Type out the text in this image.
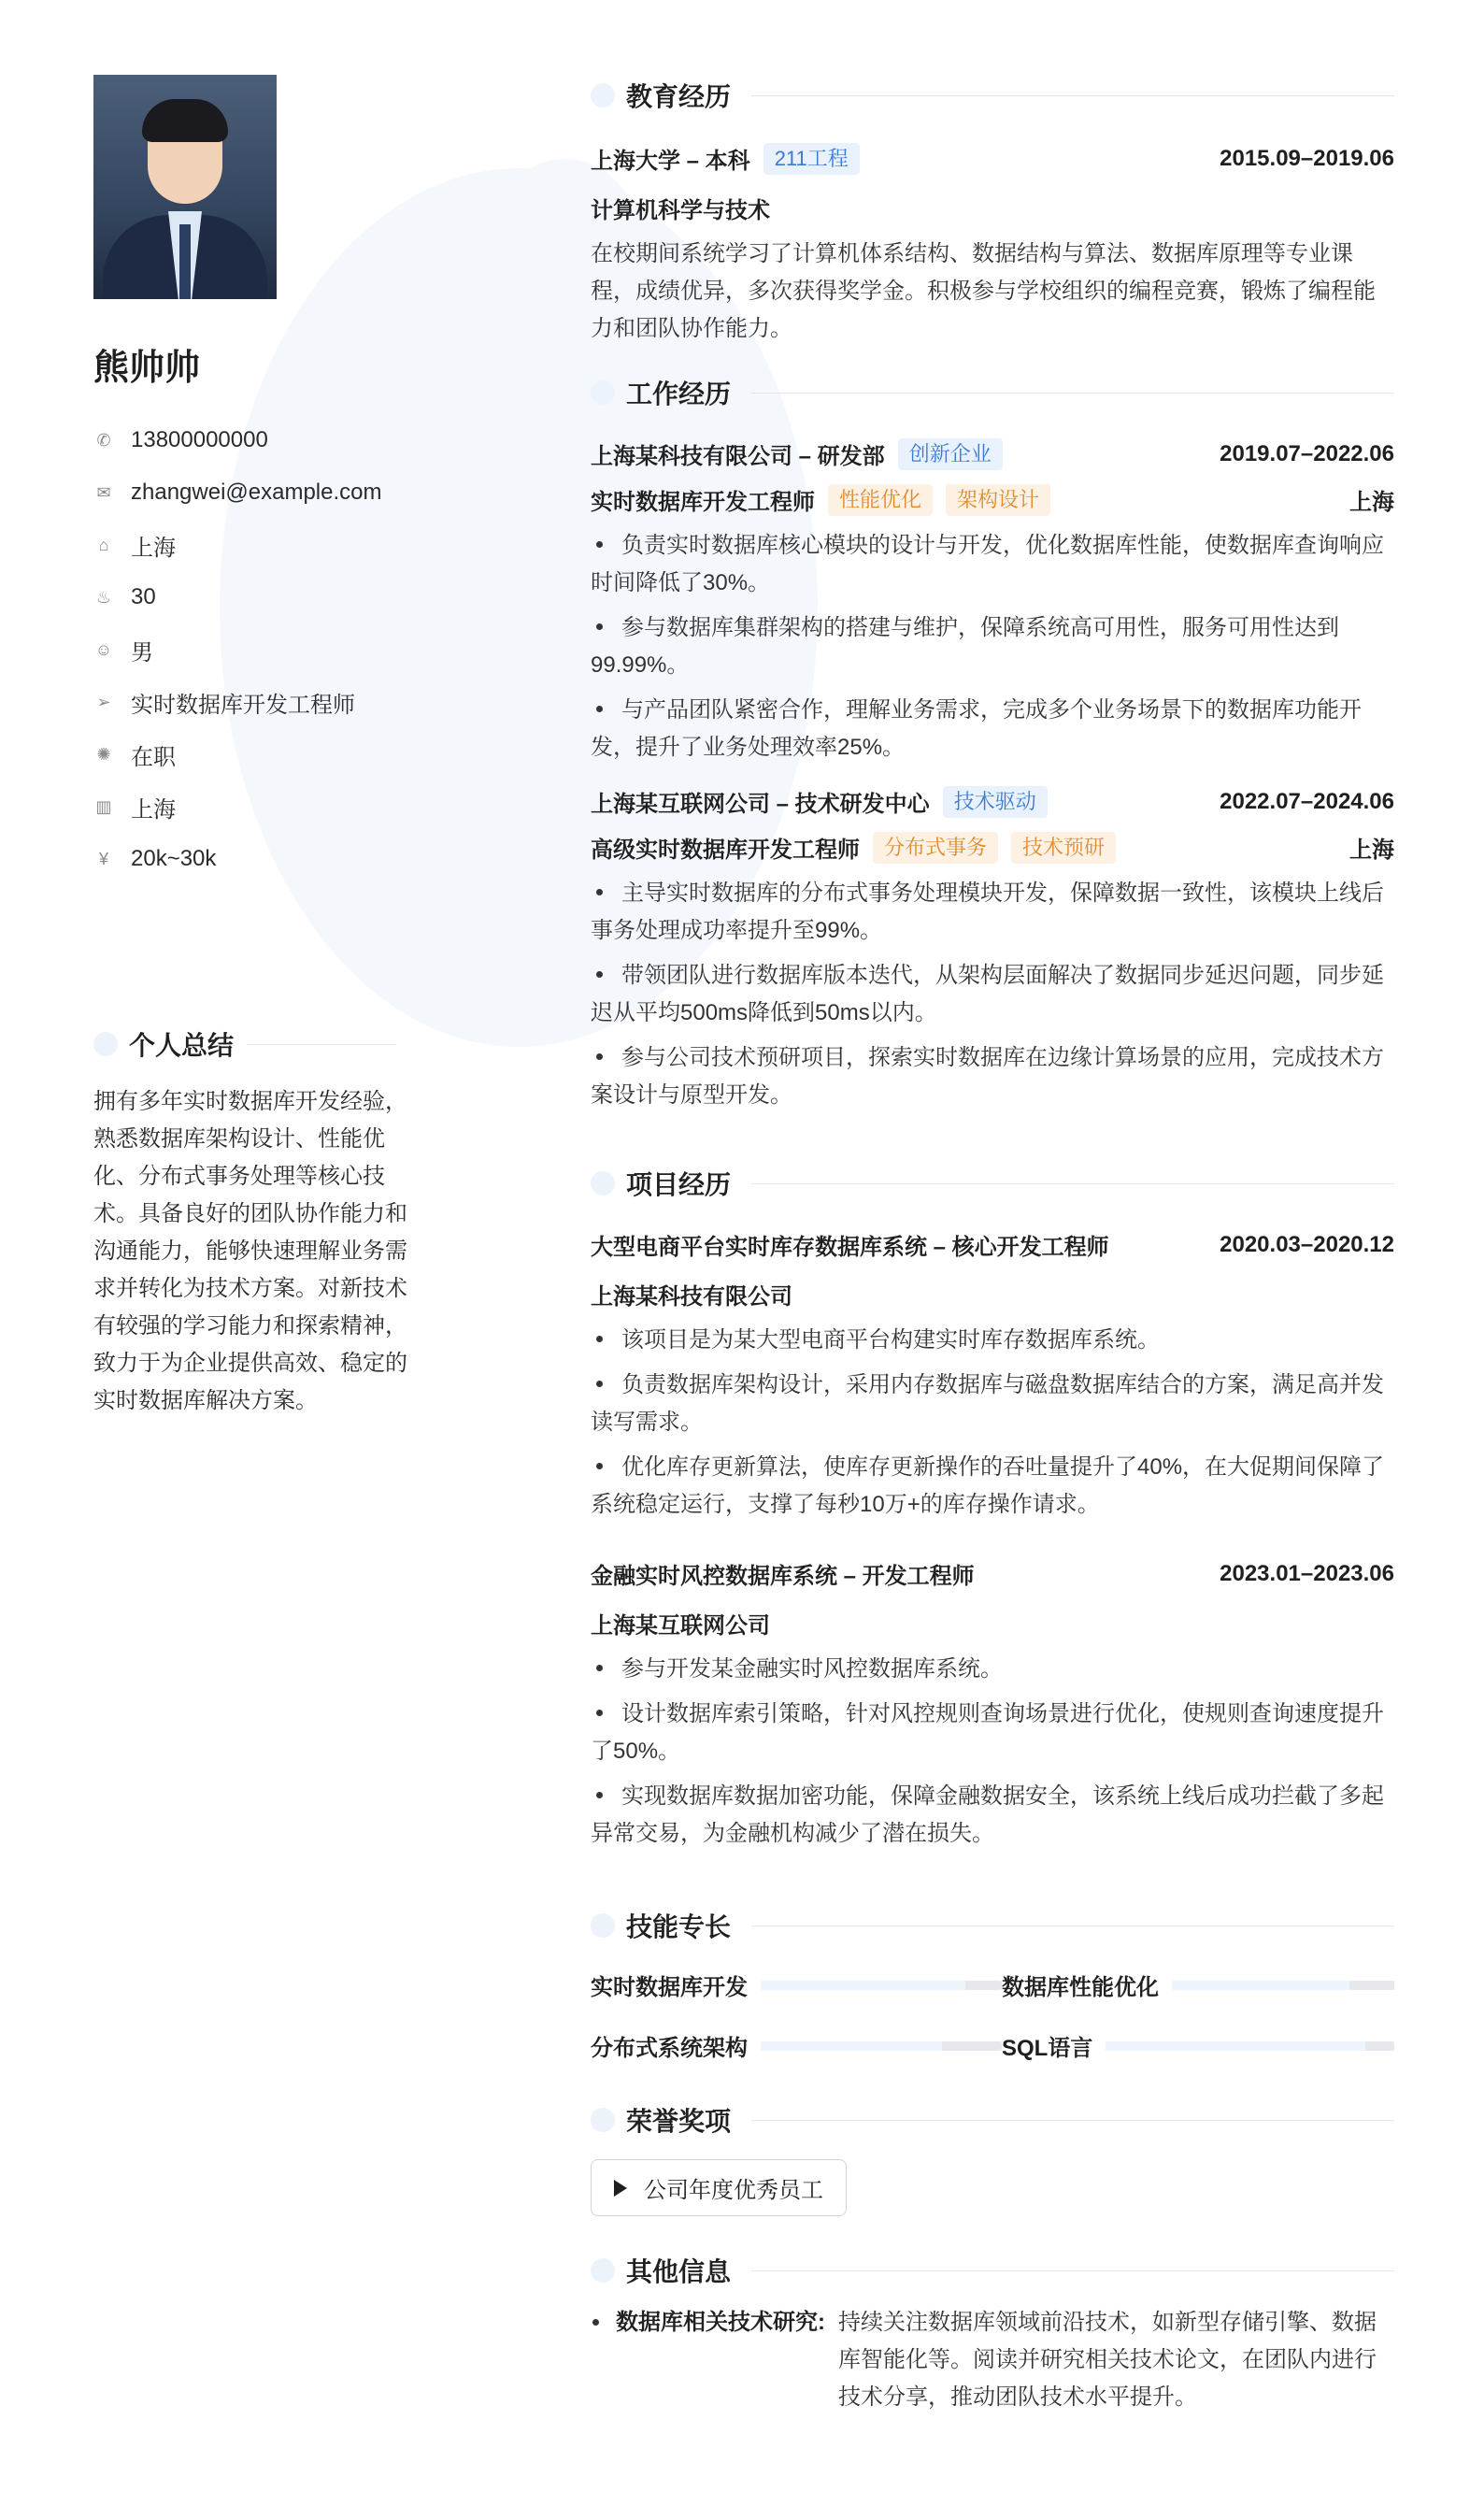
熊帅帅
✆ 13800000000
✉ zhangwei@example.com
⌂ 上海
♨ 30
☺ 男
➢ 实时数据库开发工程师
✺ 在职
▥ 上海
¥ 20k~30k
个人总结
拥有多年实时数据库开发经验，熟悉数据库架构设计、性能优化、分布式事务处理等核心技术。具备良好的团队协作能力和沟通能力，能够快速理解业务需求并转化为技术方案。对新技术有较强的学习能力和探索精神，致力于为企业提供高效、稳定的实时数据库解决方案。
教育经历
上海大学 – 本科	211工程	2015.09–2019.06
计算机科学与技术
在校期间系统学习了计算机体系结构、数据结构与算法、数据库原理等专业课程，成绩优异，多次获得奖学金。积极参与学校组织的编程竞赛，锻炼了编程能力和团队协作能力。
工作经历
上海某科技有限公司 – 研发部	创新企业	2019.07–2022.06
实时数据库开发工程师	性能优化	架构设计	上海
负责实时数据库核心模块的设计与开发，优化数据库性能，使数据库查询响应时间降低了30%。
参与数据库集群架构的搭建与维护，保障系统高可用性，服务可用性达到99.99%。
与产品团队紧密合作，理解业务需求，完成多个业务场景下的数据库功能开发，提升了业务处理效率25%。
上海某互联网公司 – 技术研发中心	技术驱动	2022.07–2024.06
高级实时数据库开发工程师	分布式事务	技术预研	上海
主导实时数据库的分布式事务处理模块开发，保障数据一致性，该模块上线后事务处理成功率提升至99%。
带领团队进行数据库版本迭代，从架构层面解决了数据同步延迟问题，同步延迟从平均500ms降低到50ms以内。
参与公司技术预研项目，探索实时数据库在边缘计算场景的应用，完成技术方案设计与原型开发。
项目经历
大型电商平台实时库存数据库系统 – 核心开发工程师	2020.03–2020.12
上海某科技有限公司
该项目是为某大型电商平台构建实时库存数据库系统。
负责数据库架构设计，采用内存数据库与磁盘数据库结合的方案，满足高并发读写需求。
优化库存更新算法，使库存更新操作的吞吐量提升了40%，在大促期间保障了系统稳定运行，支撑了每秒10万+的库存操作请求。
金融实时风控数据库系统 – 开发工程师	2023.01–2023.06
上海某互联网公司
参与开发某金融实时风控数据库系统。
设计数据库索引策略，针对风控规则查询场景进行优化，使规则查询速度提升了50%。
实现数据库数据加密功能，保障金融数据安全，该系统上线后成功拦截了多起异常交易，为金融机构减少了潜在损失。
技能专长
实时数据库开发	数据库性能优化
分布式系统架构	SQL语言
荣誉奖项
公司年度优秀员工
其他信息
数据库相关技术研究: 持续关注数据库领域前沿技术，如新型存储引擎、数据库智能化等。阅读并研究相关技术论文，在团队内进行技术分享，推动团队技术水平提升。
